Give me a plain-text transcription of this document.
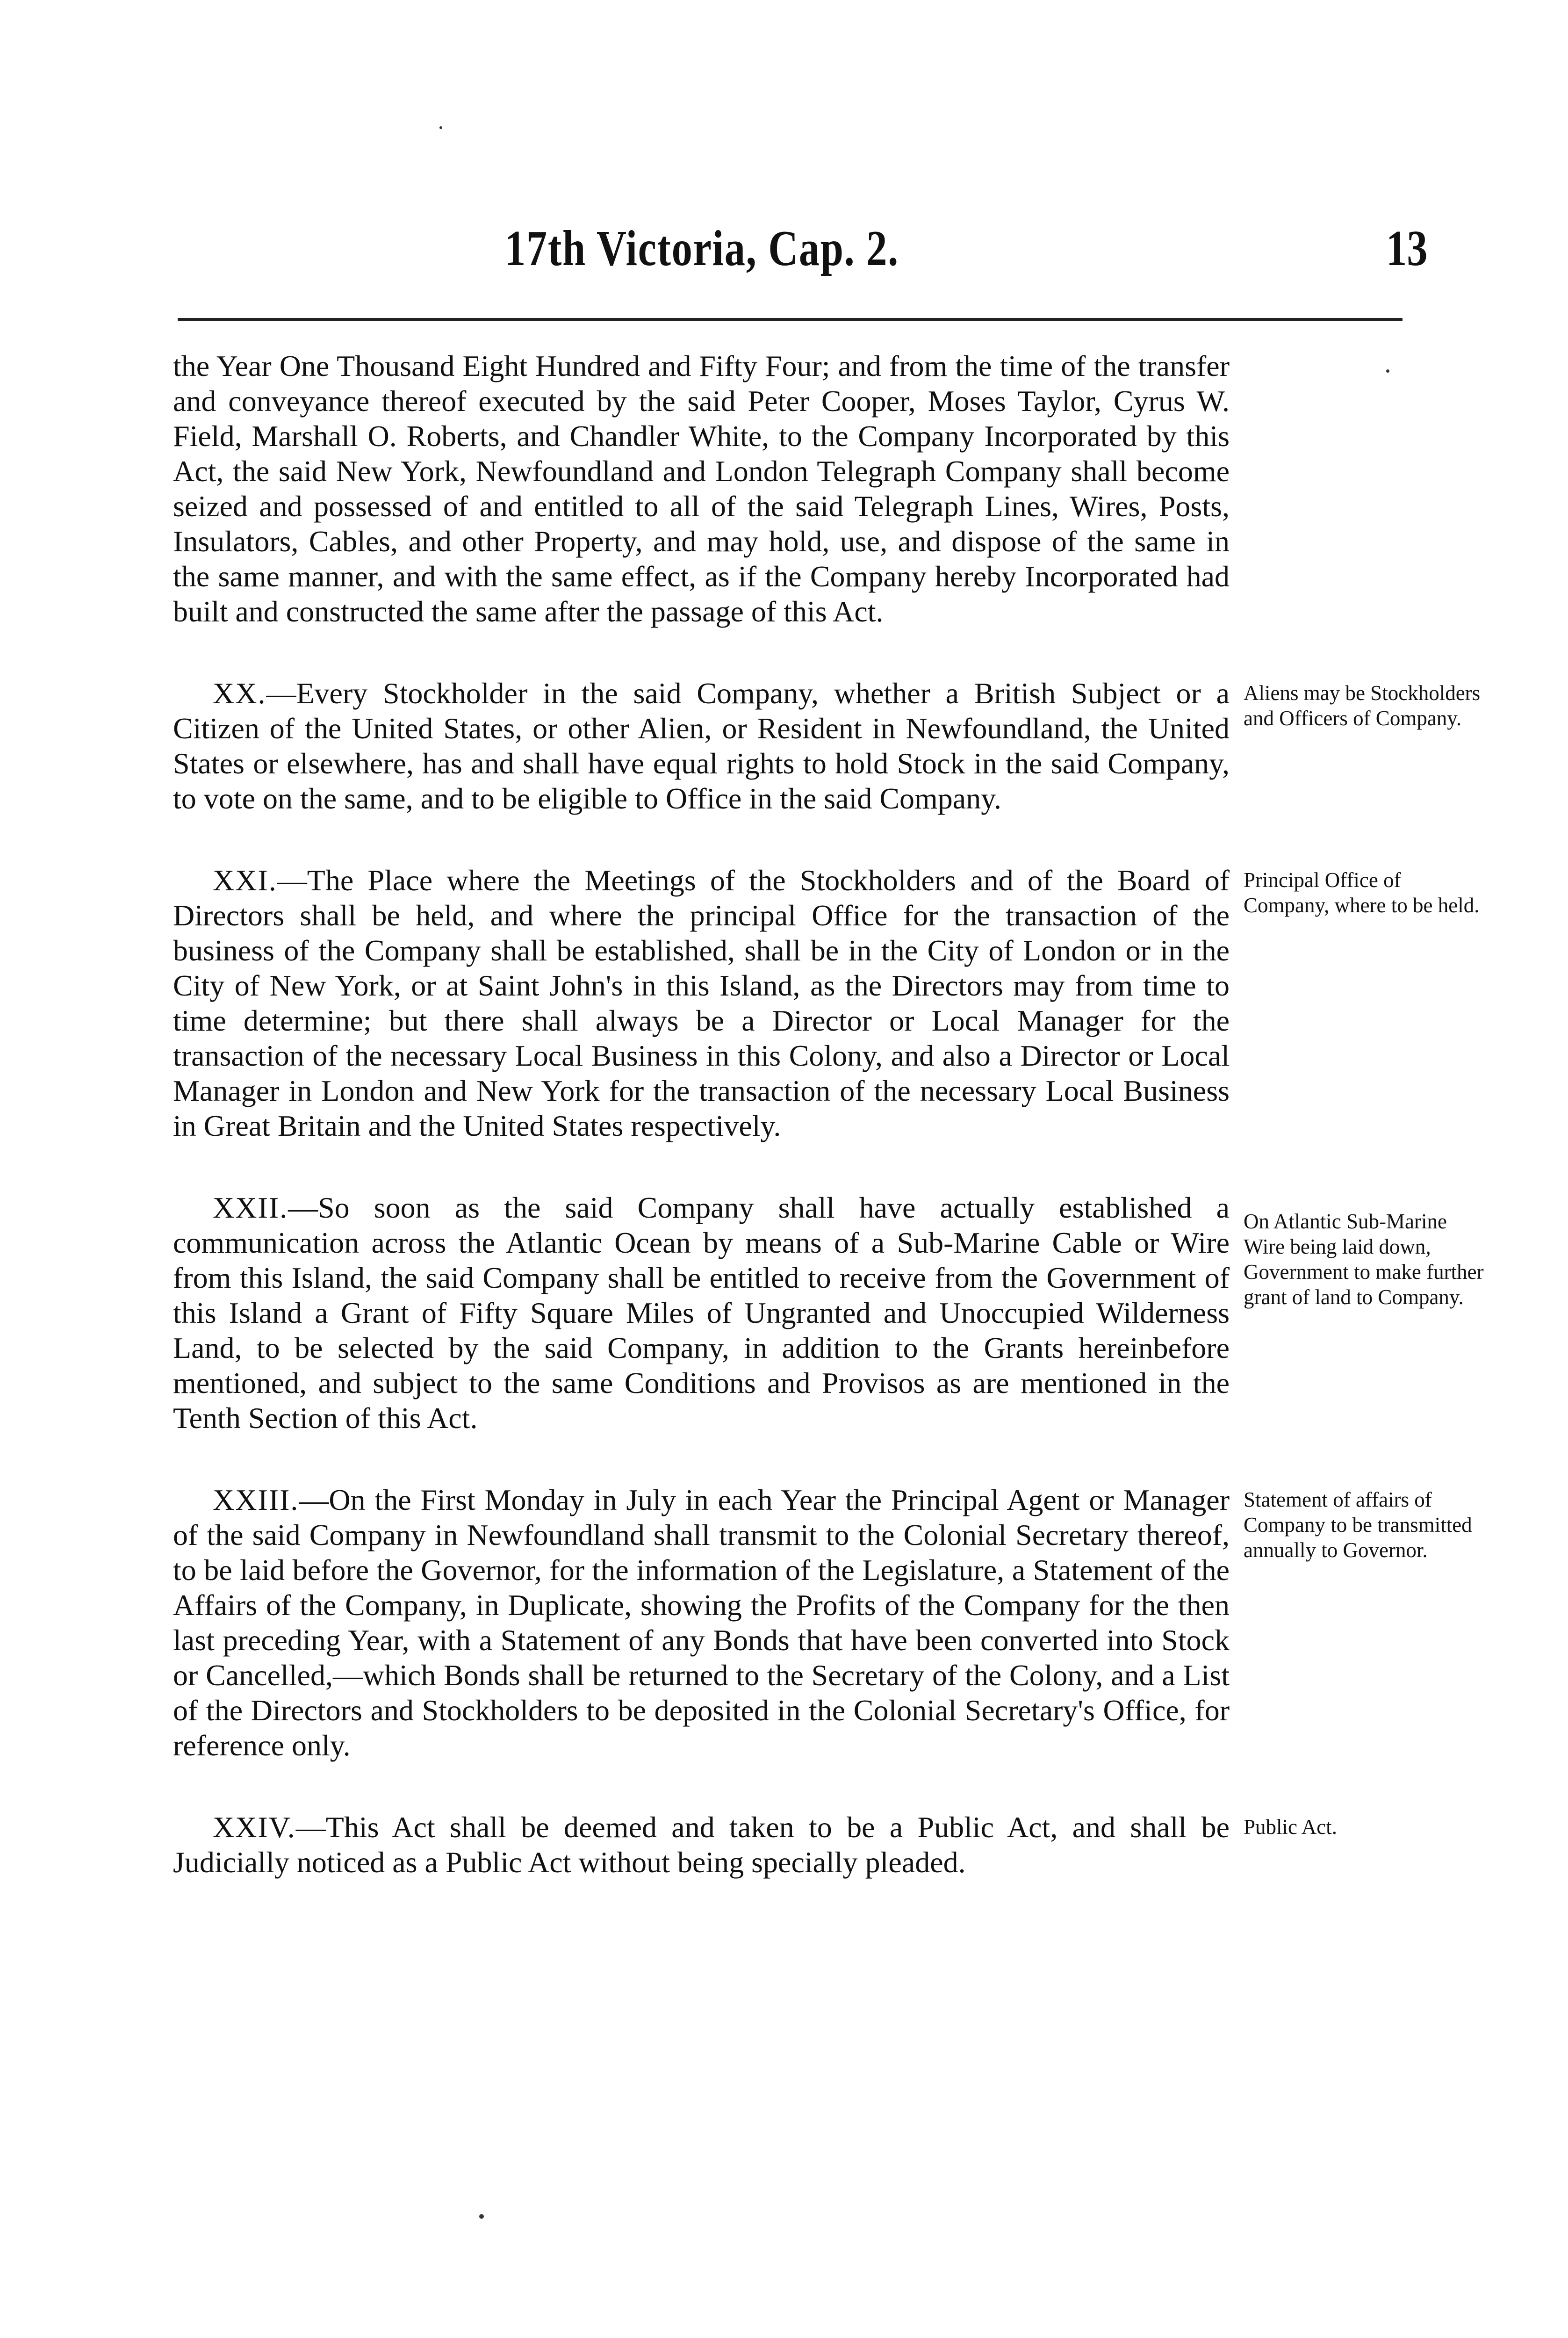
17th Victoria, Cap. 2.	13

the Year One Thousand Eight Hundred and Fifty Four; and from the time of the transfer and conveyance thereof executed by the said Peter Cooper, Moses Taylor, Cyrus W. Field, Marshall O. Roberts, and Chandler White, to the Company Incorporated by this Act, the said New York, Newfoundland and London Telegraph Company shall become seized and possessed of and entitled to all of the said Telegraph Lines, Wires, Posts, Insulators, Cables, and other Property, and may hold, use, and dispose of the same in the same manner, and with the same effect, as if the Company hereby Incorporated had built and constructed the same after the passage of this Act.

XX.—Every Stockholder in the said Company, whether a British Subject or a Citizen of the United States, or other Alien, or Resident in Newfoundland, the United States or elsewhere, has and shall have equal rights to hold Stock in the said Company, to vote on the same, and to be eligible to Office in the said Company.

Aliens may be Stockholders and Officers of Company.

XXI.—The Place where the Meetings of the Stockholders and of the Board of Directors shall be held, and where the principal Office for the transaction of the business of the Company shall be established, shall be in the City of London or in the City of New York, or at Saint John's in this Island, as the Directors may from time to time determine; but there shall always be a Director or Local Manager for the transaction of the necessary Local Business in this Colony, and also a Director or Local Manager in London and New York for the transaction of the necessary Local Business in Great Britain and the United States respectively.

Principal Office of Company, where to be held.

XXII.—So soon as the said Company shall have actually established a communication across the Atlantic Ocean by means of a Sub-Marine Cable or Wire from this Island, the said Company shall be entitled to receive from the Government of this Island a Grant of Fifty Square Miles of Ungranted and Unoccupied Wilderness Land, to be selected by the said Company, in addition to the Grants hereinbefore mentioned, and subject to the same Conditions and Provisos as are mentioned in the Tenth Section of this Act.

On Atlantic Sub-Marine Wire being laid down, Government to make further grant of land to Company.

XXIII.—On the First Monday in July in each Year the Principal Agent or Manager of the said Company in Newfoundland shall transmit to the Colonial Secretary thereof, to be laid before the Governor, for the information of the Legislature, a Statement of the Affairs of the Company, in Duplicate, showing the Profits of the Company for the then last preceding Year, with a Statement of any Bonds that have been converted into Stock or Cancelled,—which Bonds shall be returned to the Secretary of the Colony, and a List of the Directors and Stockholders to be deposited in the Colonial Secretary's Office, for reference only.

Statement of affairs of Company to be transmitted annually to Governor.

XXIV.—This Act shall be deemed and taken to be a Public Act, and shall be Judicially noticed as a Public Act without being specially pleaded.

Public Act.
